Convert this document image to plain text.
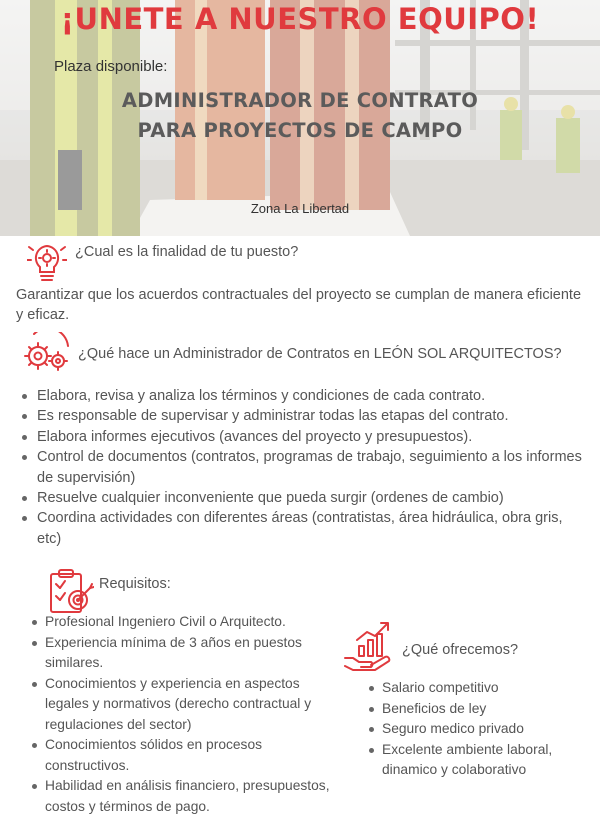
¡UNETE A NUESTRO EQUIPO!
Plaza disponible:
ADMINISTRADOR DE CONTRATO
PARA PROYECTOS DE CAMPO
Zona La Libertad
¿Cual es la finalidad de tu puesto?

Garantizar que los acuerdos contractuales del proyecto se cumplan de manera eficiente y eficaz.

¿Qué hace un Administrador de Contratos en LEÓN SOL ARQUITECTOS?
Elabora, revisa y analiza los términos y condiciones de cada contrato.
Es responsable de supervisar y administrar todas las etapas del contrato.
Elabora informes ejecutivos (avances del proyecto y presupuestos).
Control de documentos (contratos, programas de trabajo, seguimiento a los informes de supervisión)
Resuelve cualquier inconveniente que pueda surgir (ordenes de cambio)
Coordina actividades con diferentes áreas (contratistas, área hidráulica, obra gris, etc)
Requisitos:
Profesional Ingeniero Civil o Arquitecto.
Experiencia mínima de 3 años en puestos similares.
Conocimientos y experiencia en aspectos legales y normativos (derecho contractual y regulaciones del sector)
Conocimientos sólidos en procesos constructivos.
Habilidad en análisis financiero, presupuestos, costos y términos de pago.
¿Qué ofrecemos?
Salario competitivo
Beneficios de ley
Seguro medico privado
Excelente ambiente laboral, dinamico y colaborativo
